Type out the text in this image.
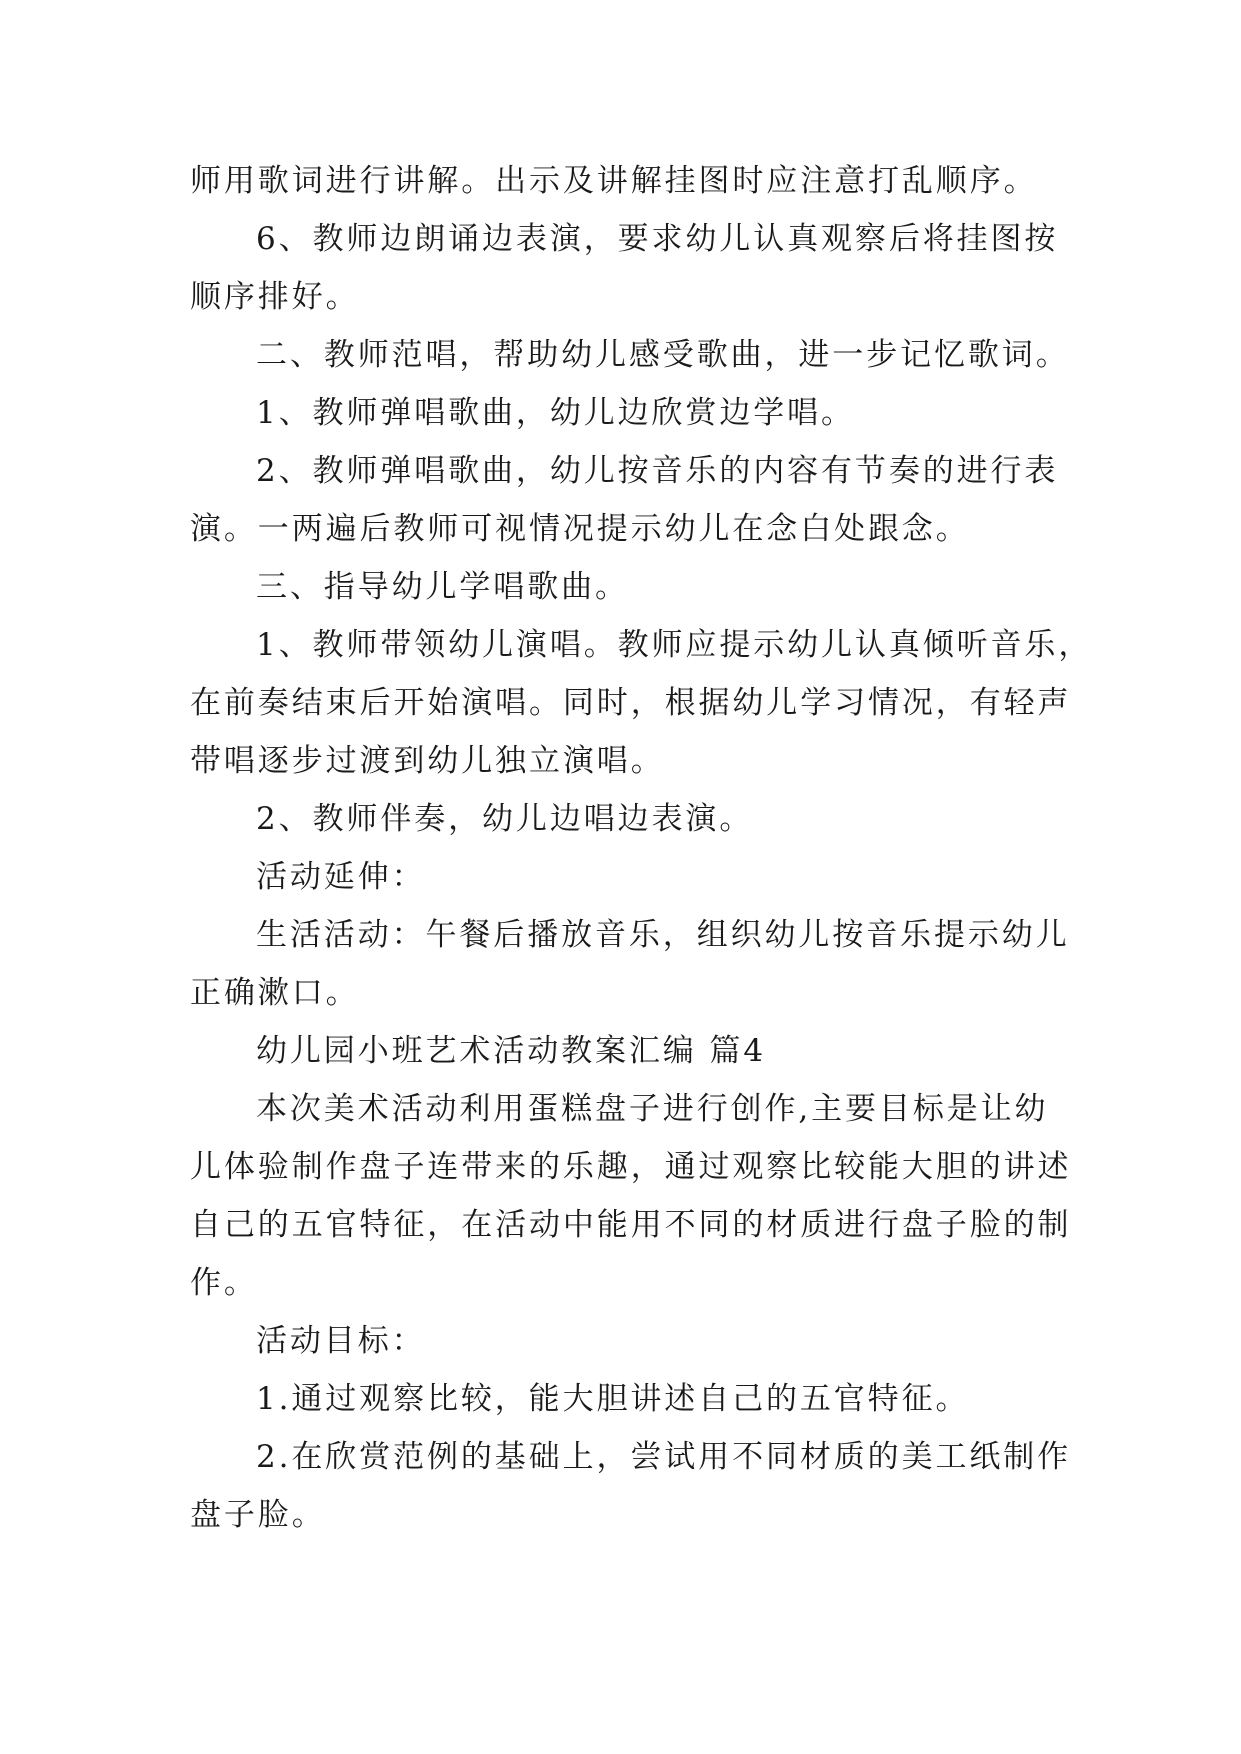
师用歌词进行讲解。出示及讲解挂图时应注意打乱顺序。
6、教师边朗诵边表演，要求幼儿认真观察后将挂图按
顺序排好。
二、教师范唱，帮助幼儿感受歌曲，进一步记忆歌词。
1、教师弹唱歌曲，幼儿边欣赏边学唱。
2、教师弹唱歌曲，幼儿按音乐的内容有节奏的进行表
演。一两遍后教师可视情况提示幼儿在念白处跟念。
三、指导幼儿学唱歌曲。
1、教师带领幼儿演唱。教师应提示幼儿认真倾听音乐，
在前奏结束后开始演唱。同时，根据幼儿学习情况，有轻声
带唱逐步过渡到幼儿独立演唱。
2、教师伴奏，幼儿边唱边表演。
活动延伸：
生活活动：午餐后播放音乐，组织幼儿按音乐提示幼儿
正确漱口。
幼儿园小班艺术活动教案汇编 篇4
本次美术活动利用蛋糕盘子进行创作,主要目标是让幼
儿体验制作盘子连带来的乐趣，通过观察比较能大胆的讲述
自己的五官特征，在活动中能用不同的材质进行盘子脸的制
作。
活动目标：
1.通过观察比较，能大胆讲述自己的五官特征。
2.在欣赏范例的基础上，尝试用不同材质的美工纸制作
盘子脸。
